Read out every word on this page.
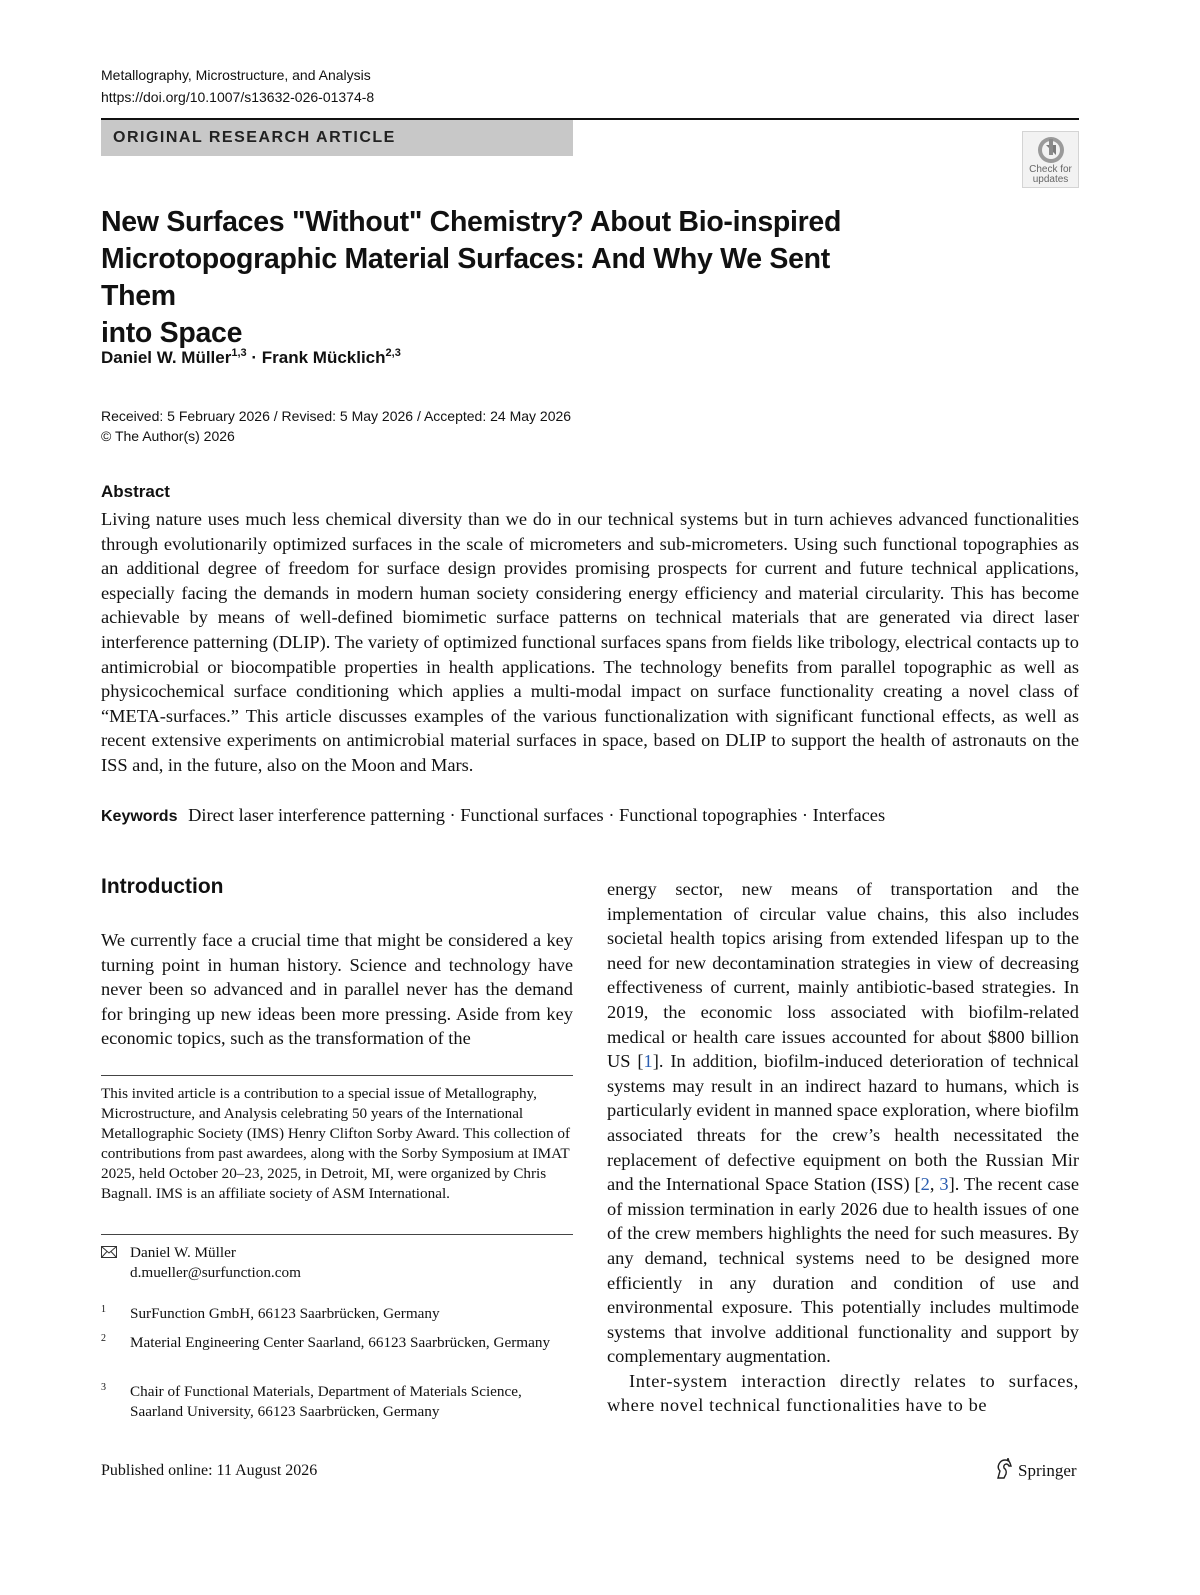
Metallography, Microstructure, and Analysis
https://doi.org/10.1007/s13632-026-01374-8
ORIGINAL RESEARCH ARTICLE
Check for
updates
New Surfaces "Without" Chemistry? About Bio-inspired
Microtopographic Material Surfaces: And Why We Sent Them
into Space
Daniel W. Müller$^{1,3}$ · Frank Mücklich$^{2,3}$
Received: 5 February 2026 / Revised: 5 May 2026 / Accepted: 24 May 2026
© The Author(s) 2026
Abstract
Living nature uses much less chemical diversity than we do in our technical systems but in turn achieves advanced functionalities through evolutionarily optimized surfaces in the scale of micrometers and sub-micrometers. Using such functional topographies as an additional degree of freedom for surface design provides promising prospects for current and future technical applications, especially facing the demands in modern human society considering energy efficiency and material circularity. This has become achievable by means of well-defined biomimetic surface patterns on technical materials that are generated via direct laser interference patterning (DLIP). The variety of optimized functional surfaces spans from fields like tribology, electrical contacts up to antimicrobial or biocompatible properties in health applications. The technology benefits from parallel topographic as well as physicochemical surface conditioning which applies a multi-modal impact on surface functionality creating a novel class of “META-surfaces.” This article discusses examples of the various functionalization with significant functional effects, as well as recent extensive experiments on antimicrobial material surfaces in space, based on DLIP to support the health of astronauts on the ISS and, in the future, also on the Moon and Mars.
Keywords Direct laser interference patterning · Functional surfaces · Functional topographies · Interfaces
Introduction

We currently face a crucial time that might be considered a key turning point in human history. Science and technology have never been so advanced and in parallel never has the demand for bringing up new ideas been more pressing. Aside from key economic topics, such as the transformation of the

energy sector, new means of transportation and the implementation of circular value chains, this also includes societal health topics arising from extended lifespan up to the need for new decontamination strategies in view of decreasing effectiveness of current, mainly antibiotic-based strategies. In 2019, the economic loss associated with biofilm-related medical or health care issues accounted for about $800 billion US [1]. In addition, biofilm-induced deterioration of technical systems may result in an indirect hazard to humans, which is particularly evident in manned space exploration, where biofilm associated threats for the crew’s health necessitated the replacement of defective equipment on both the Russian Mir and the International Space Station (ISS) [2, 3]. The recent case of mission termination in early 2026 due to health issues of one of the crew members highlights the need for such measures. By any demand, technical systems need to be designed more efficiently in any duration and condition of use and environmental exposure. This potentially includes multimode systems that involve additional functionality and support by complementary augmentation.

Inter-system interaction directly relates to surfaces, where novel technical functionalities have to be

This invited article is a contribution to a special issue of Metallography, Microstructure, and Analysis celebrating 50 years of the International Metallographic Society (IMS) Henry Clifton Sorby Award. This collection of contributions from past awardees, along with the Sorby Symposium at IMAT 2025, held October 20–23, 2025, in Detroit, MI, were organized by Chris Bagnall. IMS is an affiliate society of ASM International.
Daniel W. Müller
d.mueller@surfunction.com
1 SurFunction GmbH, 66123 Saarbrücken, Germany
2 Material Engineering Center Saarland, 66123 Saarbrücken, Germany
3 Chair of Functional Materials, Department of Materials Science, Saarland University, 66123 Saarbrücken, Germany
Published online: 11 August 2026	Springer
